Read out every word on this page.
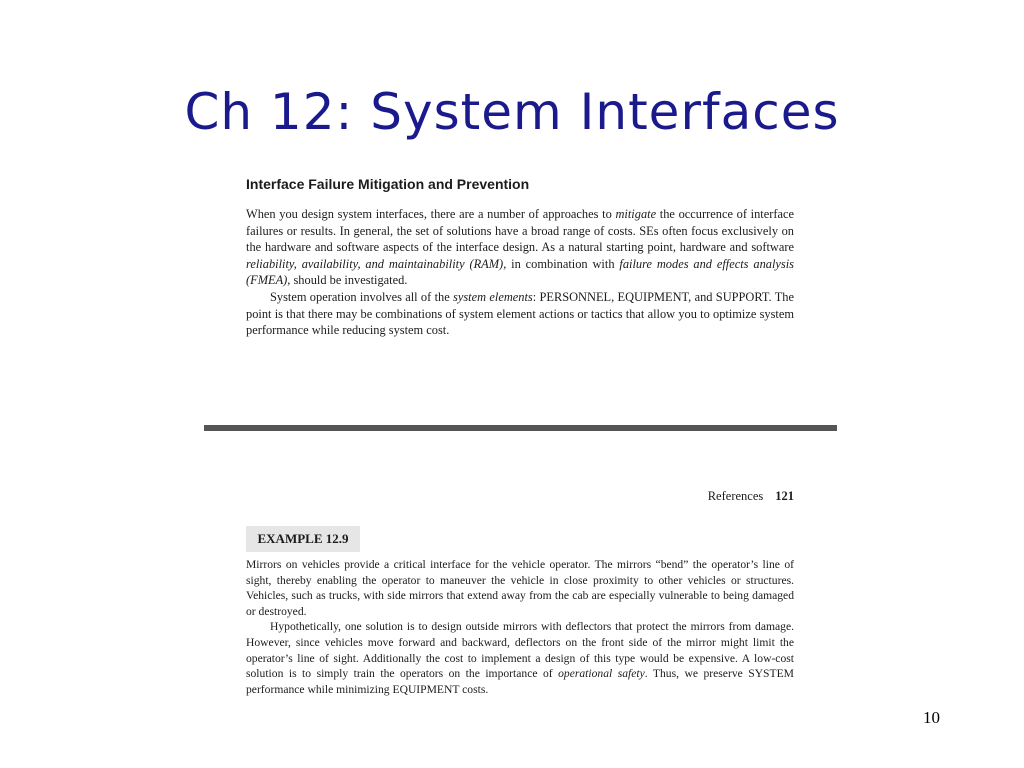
Ch 12: System Interfaces
Interface Failure Mitigation and Prevention

When you design system interfaces, there are a number of approaches to mitigate the occurrence of interface failures or results. In general, the set of solutions have a broad range of costs. SEs often focus exclusively on the hardware and software aspects of the interface design. As a natural starting point, hardware and software reliability, availability, and maintainability (RAM), in combination with failure modes and effects analysis (FMEA), should be investigated.

System operation involves all of the system elements: PERSONNEL, EQUIPMENT, and SUPPORT. The point is that there may be combinations of system element actions or tactics that allow you to optimize system performance while reducing system cost.

References 121
EXAMPLE 12.9

Mirrors on vehicles provide a critical interface for the vehicle operator. The mirrors “bend” the operator’s line of sight, thereby enabling the operator to maneuver the vehicle in close proximity to other vehicles or structures. Vehicles, such as trucks, with side mirrors that extend away from the cab are especially vulnerable to being damaged or destroyed.

Hypothetically, one solution is to design outside mirrors with deflectors that protect the mirrors from damage. However, since vehicles move forward and backward, deflectors on the front side of the mirror might limit the operator’s line of sight. Additionally the cost to implement a design of this type would be expensive. A low-cost solution is to simply train the operators on the importance of operational safety. Thus, we preserve SYSTEM performance while minimizing EQUIPMENT costs.

10
